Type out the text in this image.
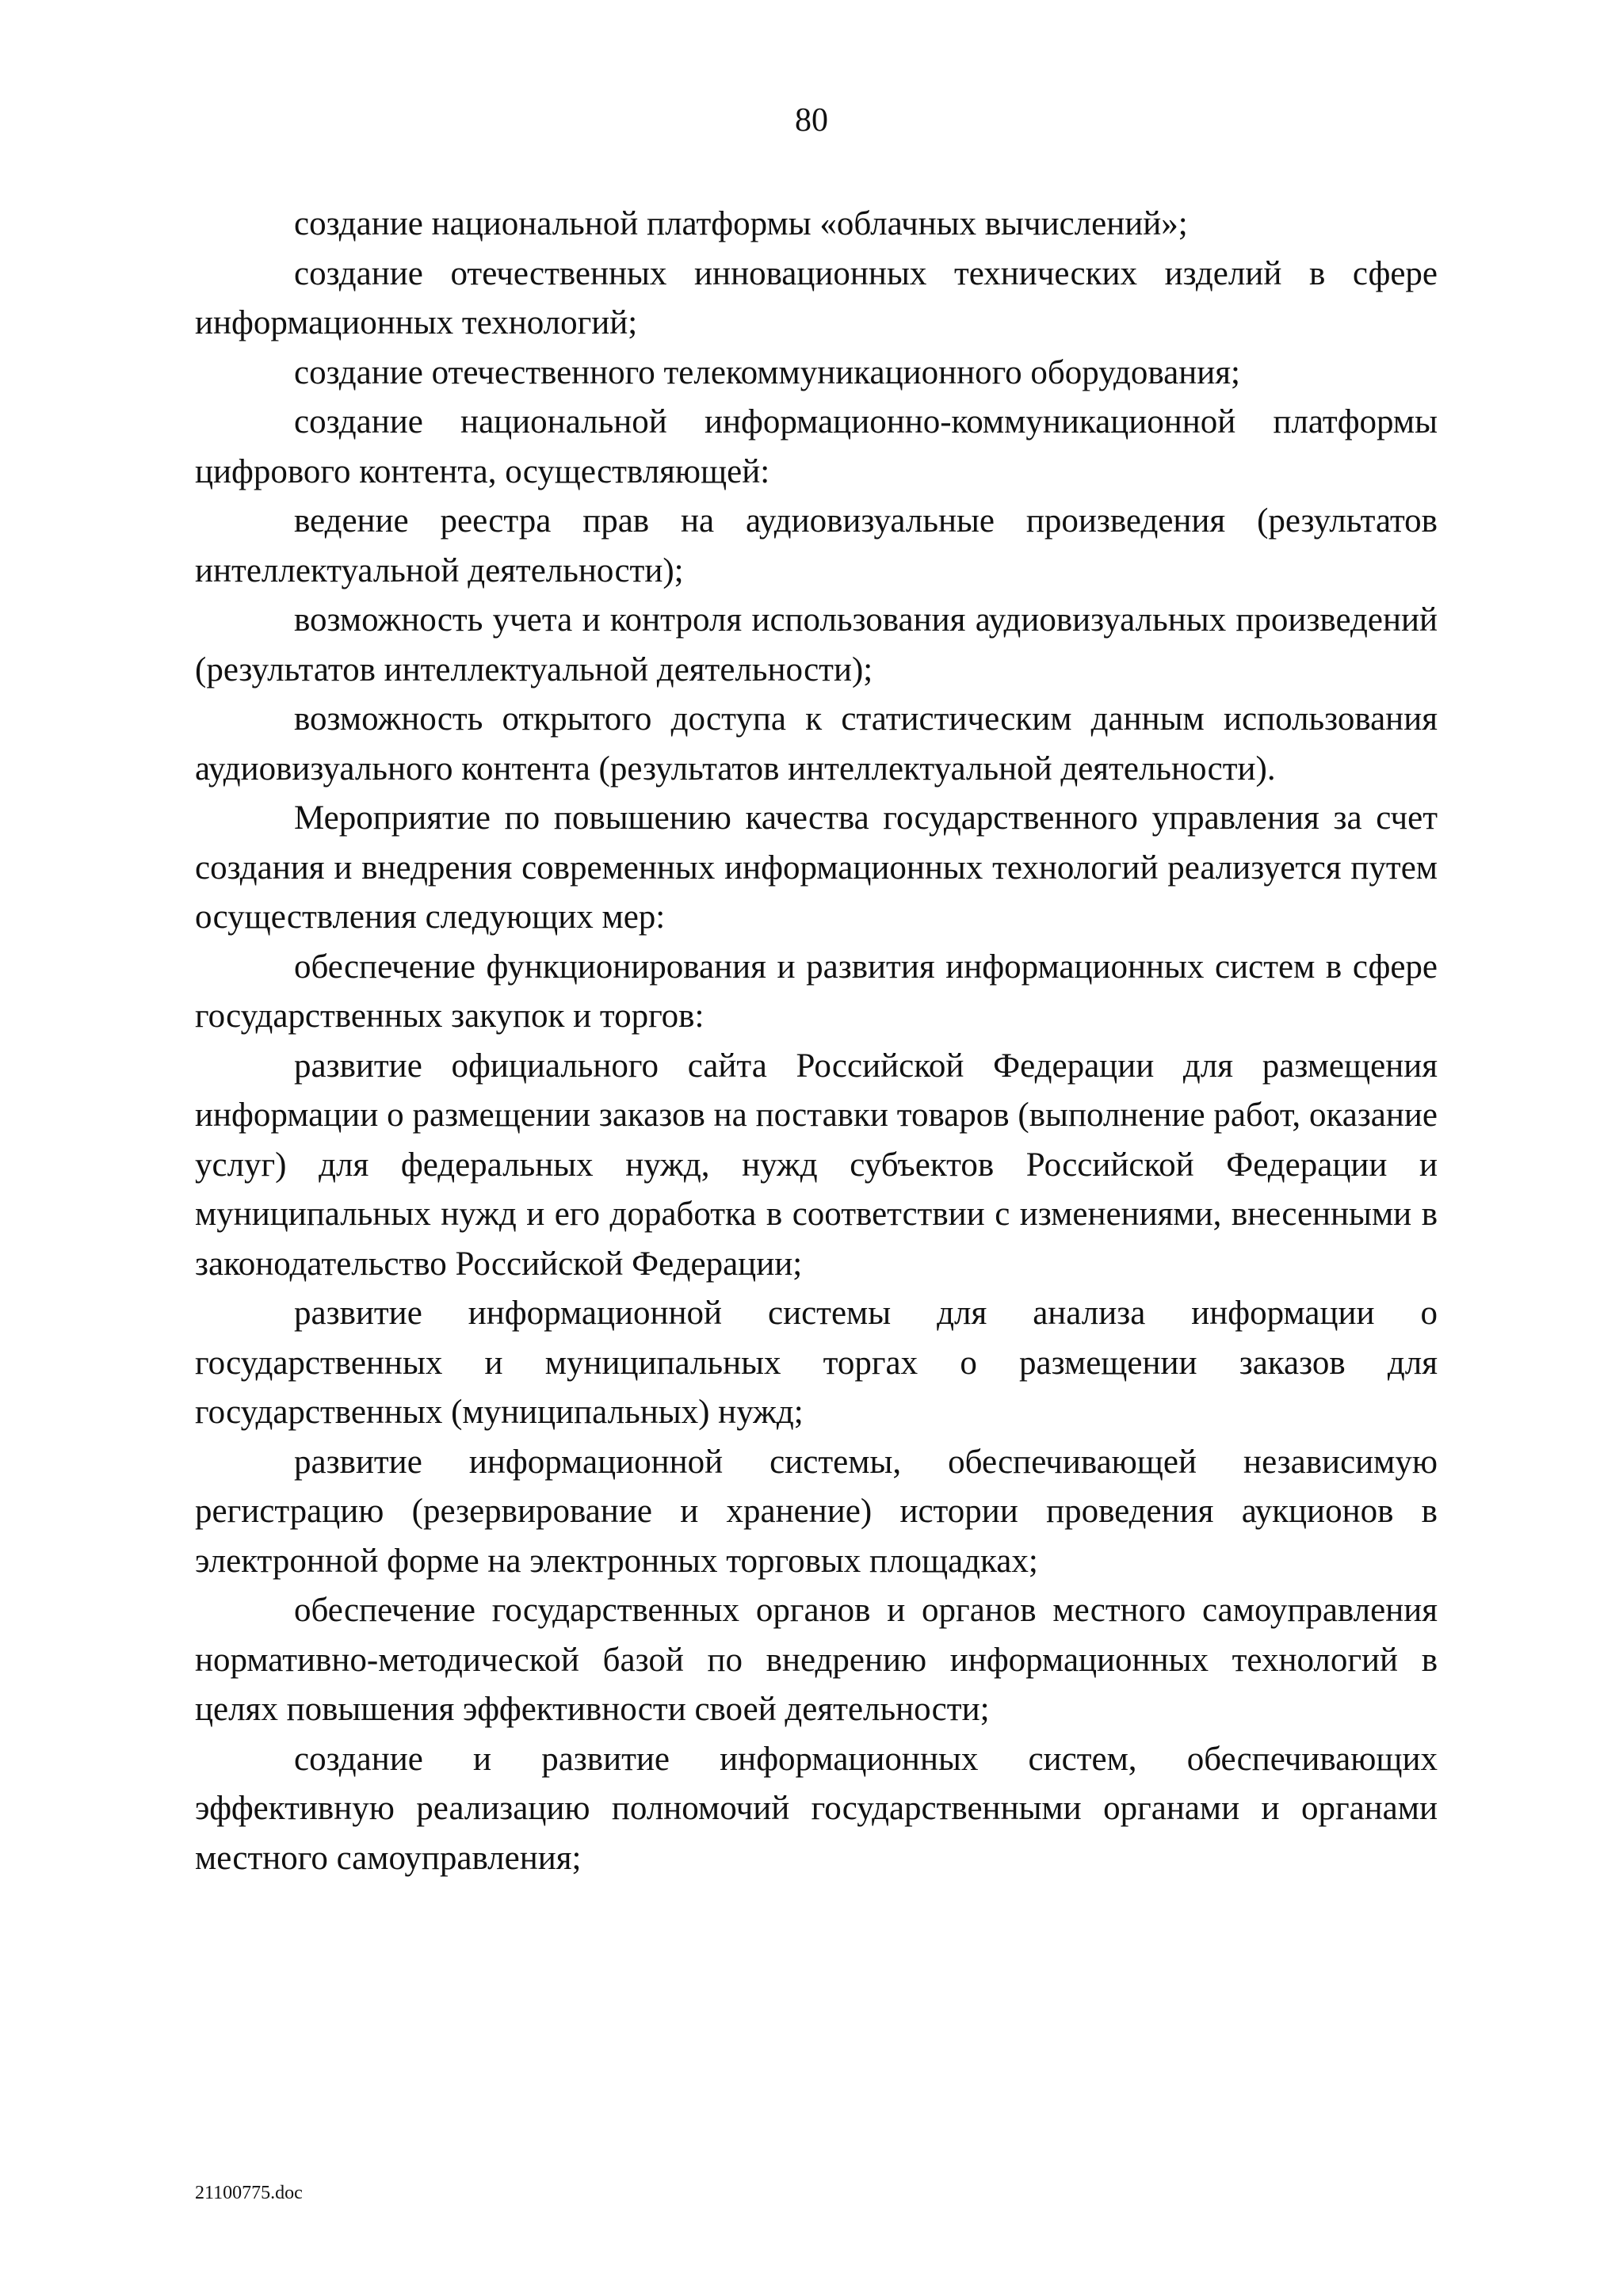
80

создание национальной платформы «облачных вычислений»;

создание отечественных инновационных технических изделий в сфере информационных технологий;

создание отечественного телекоммуникационного оборудования;

создание национальной информационно-коммуникационной платформы цифрового контента, осуществляющей:

ведение реестра прав на аудиовизуальные произведения (результатов интеллектуальной деятельности);

возможность учета и контроля использования аудиовизуальных произведений (результатов интеллектуальной деятельности);

возможность открытого доступа к статистическим данным использования аудиовизуального контента (результатов интеллектуальной деятельности).

Мероприятие по повышению качества государственного управления за счет создания и внедрения современных информационных технологий реализуется путем осуществления следующих мер:

обеспечение функционирования и развития информационных систем в сфере государственных закупок и торгов:

развитие официального сайта Российской Федерации для размещения информации о размещении заказов на поставки товаров (выполнение работ, оказание услуг) для федеральных нужд, нужд субъектов Российской Федерации и муниципальных нужд и его доработка в соответствии с изменениями, внесенными в законодательство Российской Федерации;

развитие информационной системы для анализа информации о государственных и муниципальных торгах о размещении заказов для государственных (муниципальных) нужд;

развитие информационной системы, обеспечивающей независимую регистрацию (резервирование и хранение) истории проведения аукционов в электронной форме на электронных торговых площадках;

обеспечение государственных органов и органов местного самоуправления нормативно-методической базой по внедрению информационных технологий в целях повышения эффективности своей деятельности;

создание и развитие информационных систем, обеспечивающих эффективную реализацию полномочий государственными органами и органами местного самоуправления;

21100775.doc
